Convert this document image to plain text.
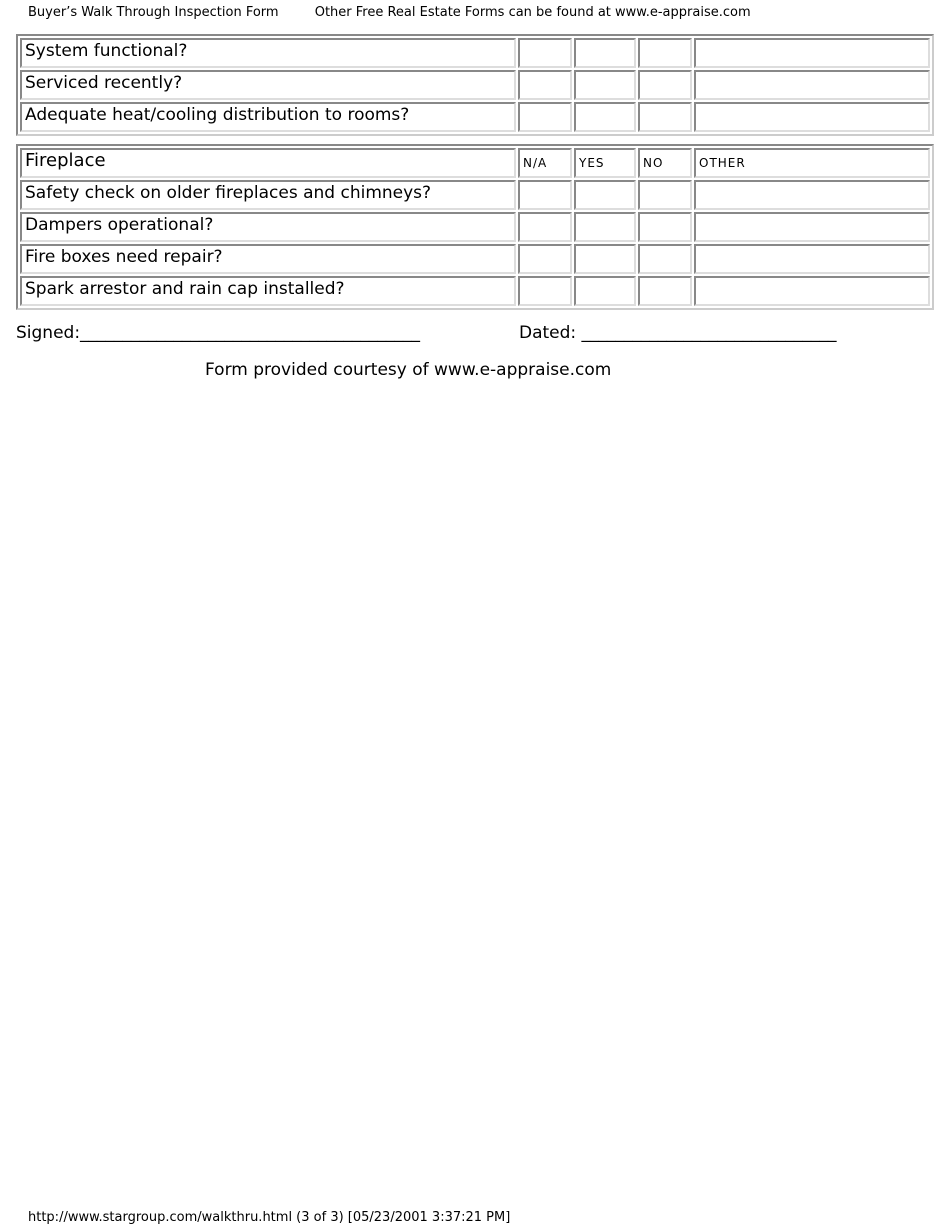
Buyer’s Walk Through Inspection Form	Other Free Real Estate Forms can be found at www.e-appraise.com
System functional?				
Serviced recently?				
Adequate heat/cooling distribution to rooms?				
Fireplace	N/A	YES	NO	OTHER
Safety check on older fireplaces and chimneys?				
Dampers operational?				
Fire boxes need repair?				
Spark arrestor and rain cap installed?				
Signed:________________________________________	Dated: ______________________________
Form provided courtesy of www.e-appraise.com
http://www.stargroup.com/walkthru.html (3 of 3) [05/23/2001 3:37:21 PM]
